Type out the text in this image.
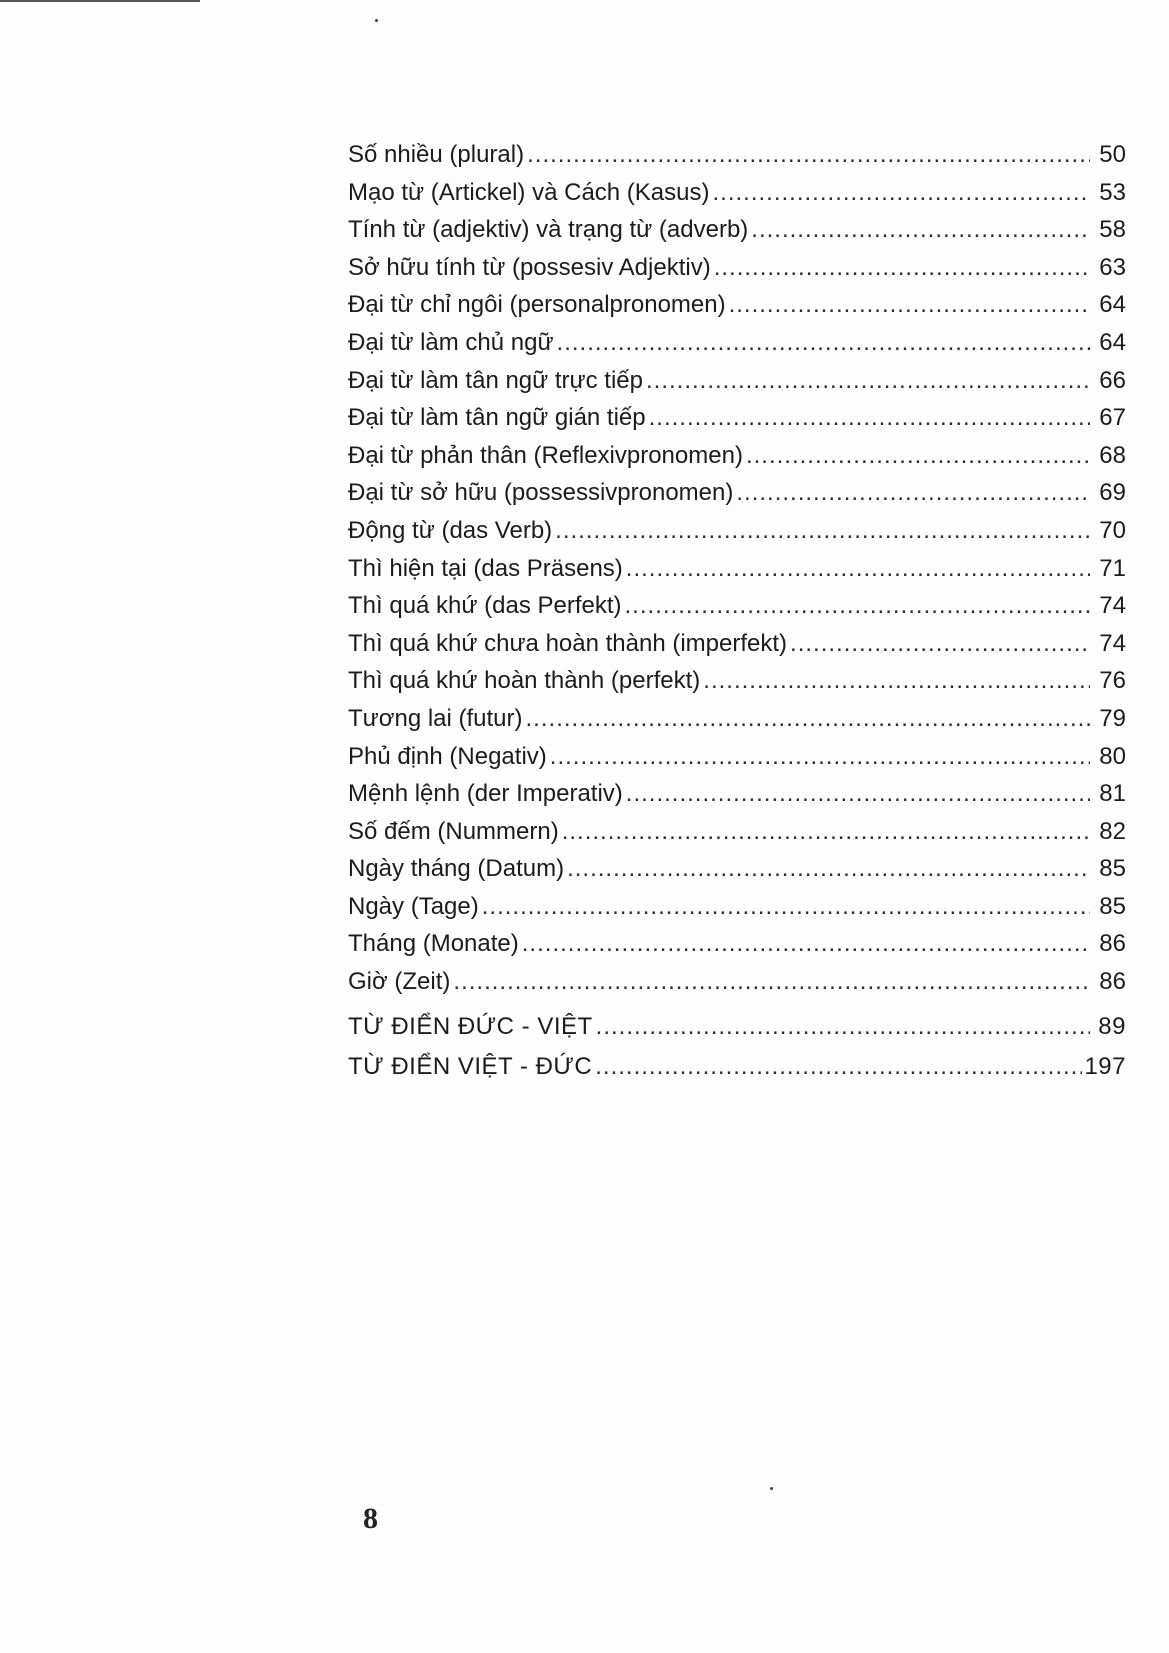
Số nhiều (plural) .....	50
Mạo từ (Artickel) và Cách (Kasus) .....	53
Tính từ (adjektiv) và trạng từ (adverb) .....	58
Sở hữu tính từ (possesiv Adjektiv) .....	63
Đại từ chỉ ngôi (personalpronomen) .....	64
Đại từ làm chủ ngữ .....	64
Đại từ làm tân ngữ trực tiếp .....	66
Đại từ làm tân ngữ gián tiếp .....	67
Đại từ phản thân (Reflexivpronomen) .....	68
Đại từ sở hữu (possessivpronomen) .....	69
Động từ (das Verb) .....	70
Thì hiện tại (das Präsens) .....	71
Thì quá khứ (das Perfekt) .....	74
Thì quá khứ chưa hoàn thành (imperfekt) .....	74
Thì quá khứ hoàn thành (perfekt) .....	76
Tương lai (futur) .....	79
Phủ định (Negativ) .....	80
Mệnh lệnh (der Imperativ) .....	81
Số đếm (Nummern) .....	82
Ngày tháng (Datum) .....	85
Ngày (Tage) .....	85
Tháng (Monate) .....	86
Giờ (Zeit) .....	86
TỪ ĐIỂN ĐỨC - VIỆT .....	89
TỪ ĐIỂN VIỆT - ĐỨC .....	197
8
